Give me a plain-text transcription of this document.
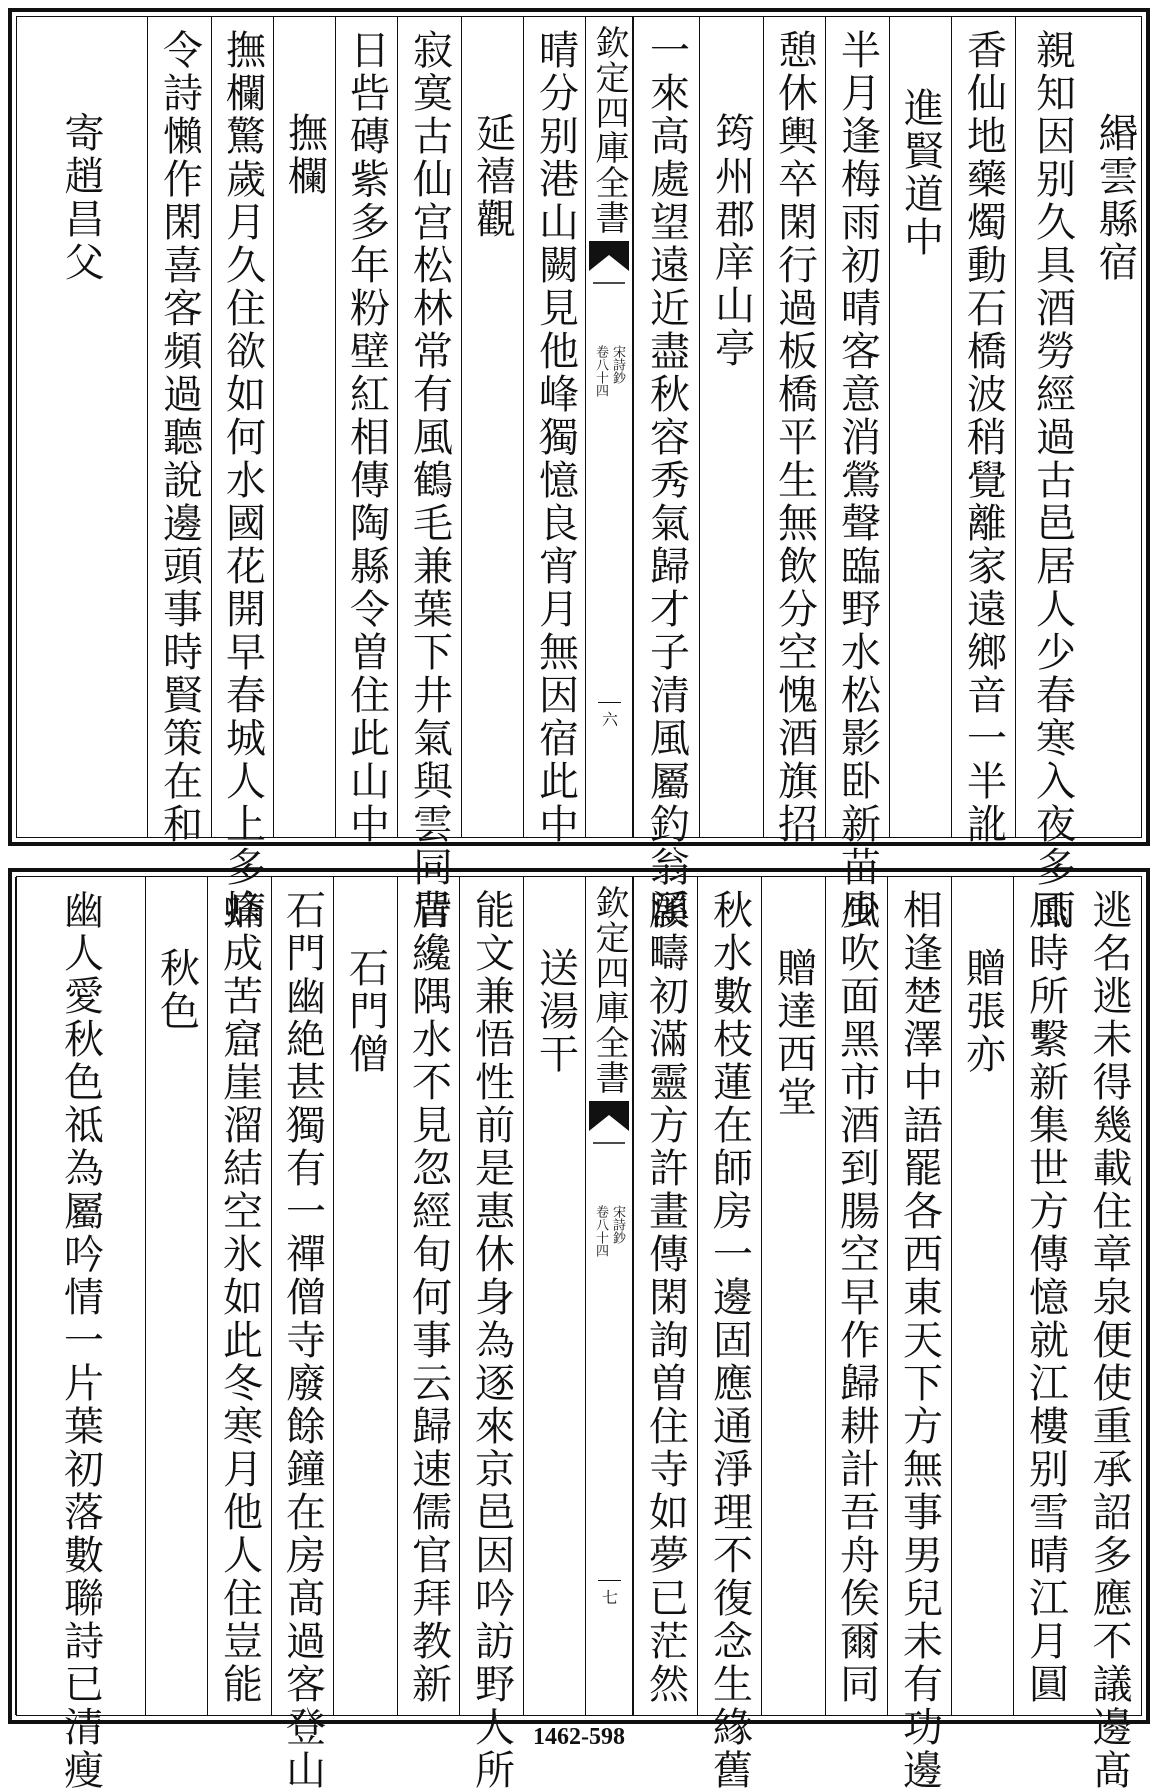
緡雲縣宿
親知因别久具酒勞經過古邑居人少春寒入夜多雨
香仙地藥燭動石橋波稍覺離家遠鄉音一半訛
進賢道中
半月逢梅雨初晴客意消鶯聲臨野水松影卧新苗少
憩休輿卒閑行過板橋平生無飲分空愧酒旗招
筠州郡庠山亭
一來高處望遠近盡秋容秀氣歸才子清風屬釣翁溪
欽定四庫全書
宋詩鈔
卷八十四
六
晴分别港山闕見他峰獨憶良宵月無因宿此中
延禧觀
寂寞古仙宫松林常有風鶴毛兼葉下井氣與雲同背
日呰磚紫多年粉壁紅相傳陶縣令曽住此山中
撫欄
撫欄驚歲月久住欲如何水國花開早春城人上多病
令詩懶作閑喜客頻過聽說邊頭事時賢策在和
寄趙昌父
逃名逃未得幾載住章泉便使重承詔多應不議邊髙
風時所繫新集世方傳憶就江樓别雪晴江月圓
贈張亦
相逢楚澤中語罷各西東天下方無事男兒未有功邊
風吹面黑市酒到腸空早作歸耕計吾舟俟爾同
贈達西堂
秋水數枝蓮在師房一邊固應通淨理不復念生緣舊
願疇初滿靈方許畫傳閑詢曽住寺如夢已茫然
欽定四庫全書
宋詩鈔
卷八十四
七
送湯干
能文兼悟性前是惠休身為逐來京邑因吟訪野人所
居纔隅水不見忽經旬何事云歸速儒官拜教新
石門僧
石門幽絶甚獨有一禪僧寺廢餘鐘在房髙過客登山
蜂成苦窟崖溜結空氷如此冬寒月他人住豈能
秋色
幽人愛秋色祗為屬吟情一片葉初落數聯詩已清瘦	1462-598
